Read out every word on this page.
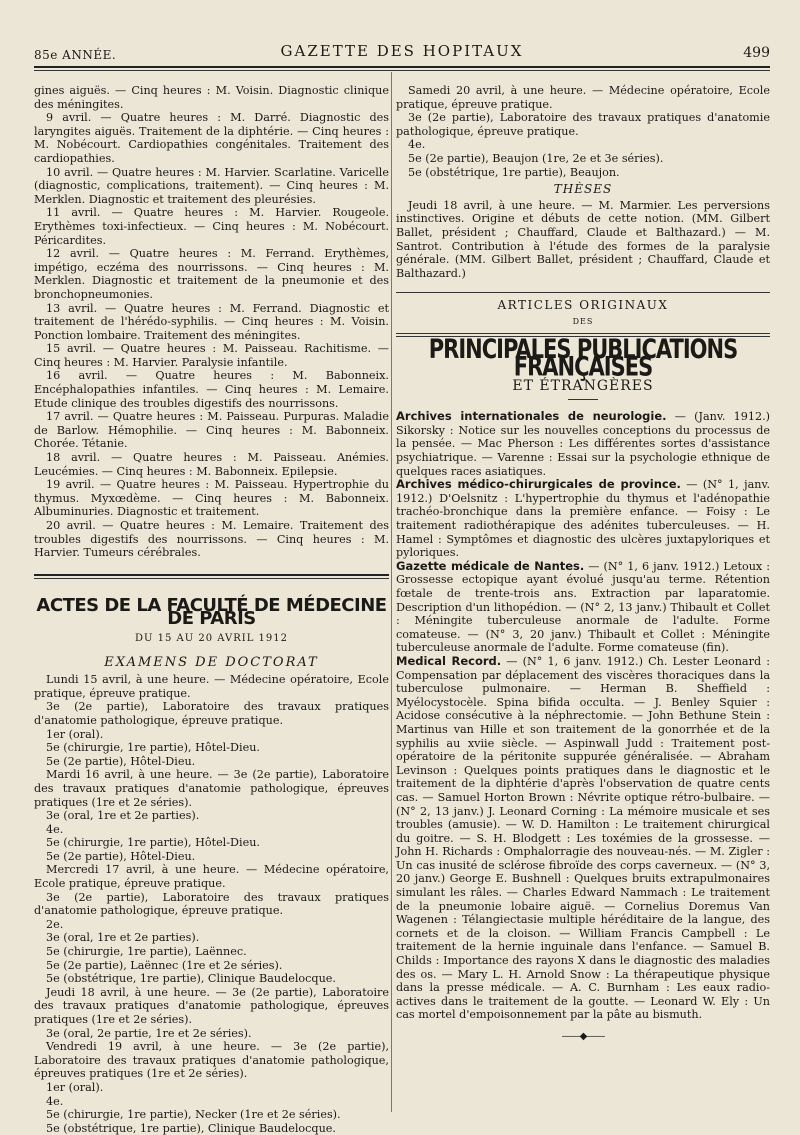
85e ANNÉE.	GAZETTE DES HOPITAUX	499

gines aiguës. — Cinq heures : M. Voisin. Diagnostic clinique des méningites.

9 avril. — Quatre heures : M. Darré. Diagnostic des laryngites aiguës. Traitement de la diphtérie. — Cinq heures : M. Nobécourt. Cardiopathies congénitales. Traitement des cardiopathies.

10 avril. — Quatre heures : M. Harvier. Scarlatine. Varicelle (diagnostic, complications, traitement). — Cinq heures : M. Merklen. Diagnostic et traitement des pleurésies.

11 avril. — Quatre heures : M. Harvier. Rougeole. Erythèmes toxi-infectieux. — Cinq heures : M. Nobécourt. Péricardites.

12 avril. — Quatre heures : M. Ferrand. Erythèmes, impétigo, eczéma des nourrissons. — Cinq heures : M. Merklen. Diagnostic et traitement de la pneumonie et des bronchopneumonies.

13 avril. — Quatre heures : M. Ferrand. Diagnostic et traitement de l'hérédo-syphilis. — Cinq heures : M. Voisin. Ponction lombaire. Traitement des méningites.

15 avril. — Quatre heures : M. Paisseau. Rachitisme. — Cinq heures : M. Harvier. Paralysie infantile.

16 avril. — Quatre heures : M. Babonneix. Encéphalopathies infantiles. — Cinq heures : M. Lemaire. Etude clinique des troubles digestifs des nourrissons.

17 avril. — Quatre heures : M. Paisseau. Purpuras. Maladie de Barlow. Hémophilie. — Cinq heures : M. Babonneix. Chorée. Tétanie.

18 avril. — Quatre heures : M. Paisseau. Anémies. Leucémies. — Cinq heures : M. Babonneix. Epilepsie.

19 avril. — Quatre heures : M. Paisseau. Hypertrophie du thymus. Myxœdème. — Cinq heures : M. Babonneix. Albuminuries. Diagnostic et traitement.

20 avril. — Quatre heures : M. Lemaire. Traitement des troubles digestifs des nourrissons. — Cinq heures : M. Harvier. Tumeurs cérébrales.

ACTES DE LA FACULTÉ DE MÉDECINE DE PARIS
DU 15 AU 20 AVRIL 1912
EXAMENS DE DOCTORAT

Lundi 15 avril, à une heure. — Médecine opératoire, Ecole pratique, épreuve pratique.

3e (2e partie), Laboratoire des travaux pratiques d'anatomie pathologique, épreuve pratique.

1er (oral).

5e (chirurgie, 1re partie), Hôtel-Dieu.

5e (2e partie), Hôtel-Dieu.

Mardi 16 avril, à une heure. — 3e (2e partie), Laboratoire des travaux pratiques d'anatomie pathologique, épreuves pratiques (1re et 2e séries).

3e (oral, 1re et 2e parties).

4e.

5e (chirurgie, 1re partie), Hôtel-Dieu.

5e (2e partie), Hôtel-Dieu.

Mercredi 17 avril, à une heure. — Médecine opératoire, Ecole pratique, épreuve pratique.

3e (2e partie), Laboratoire des travaux pratiques d'anatomie pathologique, épreuve pratique.

2e.

3e (oral, 1re et 2e parties).

5e (chirurgie, 1re partie), Laënnec.

5e (2e partie), Laënnec (1re et 2e séries).

5e (obstétrique, 1re partie), Clinique Baudelocque.

Jeudi 18 avril, à une heure. — 3e (2e partie), Laboratoire des travaux pratiques d'anatomie pathologique, épreuves pratiques (1re et 2e séries).

3e (oral, 2e partie, 1re et 2e séries).

Vendredi 19 avril, à une heure. — 3e (2e partie), Laboratoire des travaux pratiques d'anatomie pathologique, épreuves pratiques (1re et 2e séries).

1er (oral).

4e.

5e (chirurgie, 1re partie), Necker (1re et 2e séries).

5e (obstétrique, 1re partie), Clinique Baudelocque.

Samedi 20 avril, à une heure. — Médecine opératoire, Ecole pratique, épreuve pratique.

3e (2e partie), Laboratoire des travaux pratiques d'anatomie pathologique, épreuve pratique.

4e.

5e (2e partie), Beaujon (1re, 2e et 3e séries).

5e (obstétrique, 1re partie), Beaujon.

THÈSES

Jeudi 18 avril, à une heure. — M. Marmier. Les perversions instinctives. Origine et débuts de cette notion. (MM. Gilbert Ballet, président ; Chauffard, Claude et Balthazard.) — M. Santrot. Contribution à l'étude des formes de la paralysie générale. (MM. Gilbert Ballet, président ; Chauffard, Claude et Balthazard.)

ARTICLES ORIGINAUX
DES
PRINCIPALES PUBLICATIONS FRANÇAISES
ET ÉTRANGÈRES

Archives internationales de neurologie. — (Janv. 1912.) Sikorsky : Notice sur les nouvelles conceptions du processus de la pensée. — Mac Pherson : Les différentes sortes d'assistance psychiatrique. — Varenne : Essai sur la psychologie ethnique de quelques races asiatiques.

Archives médico-chirurgicales de province. — (N° 1, janv. 1912.) D'Oelsnitz : L'hypertrophie du thymus et l'adénopathie trachéo-bronchique dans la première enfance. — Foisy : Le traitement radiothérapique des adénites tuberculeuses. — H. Hamel : Symptômes et diagnostic des ulcères juxtapyloriques et pyloriques.

Gazette médicale de Nantes. — (N° 1, 6 janv. 1912.) Letoux : Grossesse ectopique ayant évolué jusqu'au terme. Rétention fœtale de trente-trois ans. Extraction par laparatomie. Description d'un lithopédion. — (N° 2, 13 janv.) Thibault et Collet : Méningite tuberculeuse anormale de l'adulte. Forme comateuse. — (N° 3, 20 janv.) Thibault et Collet : Méningite tuberculeuse anormale de l'adulte. Forme comateuse (fin).

Medical Record. — (N° 1, 6 janv. 1912.) Ch. Lester Leonard : Compensation par déplacement des viscères thoraciques dans la tuberculose pulmonaire. — Herman B. Sheffield : Myélocystocèle. Spina bifida occulta. — J. Benley Squier : Acidose consécutive à la néphrectomie. — John Bethune Stein : Martinus van Hille et son traitement de la gonorrhée et de la syphilis au xviie siècle. — Aspinwall Judd : Traitement post-opératoire de la péritonite suppurée généralisée. — Abraham Levinson : Quelques points pratiques dans le diagnostic et le traitement de la diphtérie d'après l'observation de quatre cents cas. — Samuel Horton Brown : Névrite optique rétro-bulbaire. — (N° 2, 13 janv.) J. Leonard Corning : La mémoire musicale et ses troubles (amusie). — W. D. Hamilton : Le traitement chirurgical du goitre. — S. H. Blodgett : Les toxémies de la grossesse. — John H. Richards : Omphalorragie des nouveau-nés. — M. Zigler : Un cas inusité de sclérose fibroïde des corps caverneux. — (N° 3, 20 janv.) George E. Bushnell : Quelques bruits extrapulmonaires simulant les râles. — Charles Edward Nammach : Le traitement de la pneumonie lobaire aiguë. — Cornelius Doremus Van Wagenen : Télangiectasie multiple héréditaire de la langue, des cornets et de la cloison. — William Francis Campbell : Le traitement de la hernie inguinale dans l'enfance. — Samuel B. Childs : Importance des rayons X dans le diagnostic des maladies des os. — Mary L. H. Arnold Snow : La thérapeutique physique dans la presse médicale. — A. C. Burnham : Les eaux radio-actives dans le traitement de la goutte. — Leonard W. Ely : Un cas mortel d'empoisonnement par la pâte au bismuth.

——◆——
